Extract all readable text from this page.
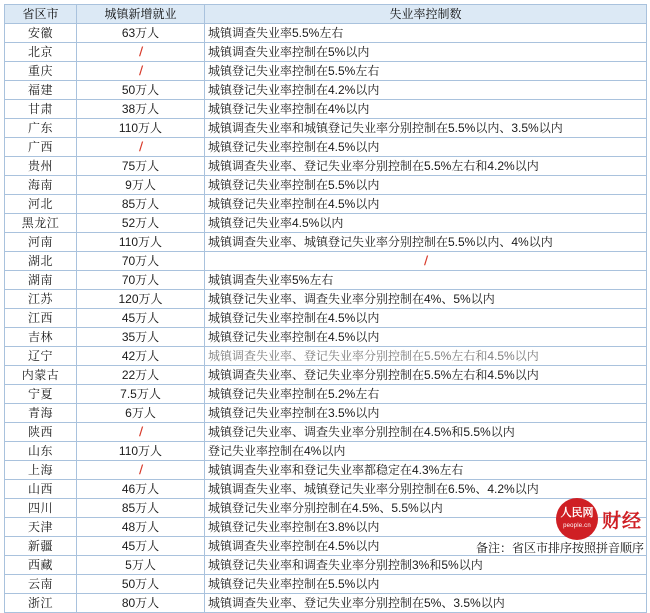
省区市	城镇新增就业	失业率控制数
安徽	63万人	城镇调查失业率5.5%左右
北京	/	城镇调查失业率控制在5%以内
重庆	/	城镇登记失业率控制在5.5%左右
福建	50万人	城镇登记失业率控制在4.2%以内
甘肃	38万人	城镇登记失业率控制在4%以内
广东	110万人	城镇调查失业率和城镇登记失业率分别控制在5.5%以内、3.5%以内
广西	/	城镇登记失业率控制在4.5%以内
贵州	75万人	城镇调查失业率、登记失业率分别控制在5.5%左右和4.2%以内
海南	9万人	城镇登记失业率控制在5.5%以内
河北	85万人	城镇登记失业率控制在4.5%以内
黑龙江	52万人	城镇登记失业率4.5%以内
河南	110万人	城镇调查失业率、城镇登记失业率分别控制在5.5%以内、4%以内
湖北	70万人	/
湖南	70万人	城镇调查失业率5%左右
江苏	120万人	城镇登记失业率、调查失业率分别控制在4%、5%以内
江西	45万人	城镇登记失业率控制在4.5%以内
吉林	35万人	城镇登记失业率控制在4.5%以内
辽宁	42万人	城镇调查失业率、登记失业率分别控制在5.5%左右和4.5%以内
内蒙古	22万人	城镇调查失业率、登记失业率分别控制在5.5%左右和4.5%以内
宁夏	7.5万人	城镇登记失业率控制在5.2%左右
青海	6万人	城镇登记失业率控制在3.5%以内
陕西	/	城镇登记失业率、调查失业率分别控制在4.5%和5.5%以内
山东	110万人	登记失业率控制在4%以内
上海	/	城镇调查失业率和登记失业率都稳定在4.3%左右
山西	46万人	城镇调查失业率、城镇登记失业率分别控制在6.5%、4.2%以内
四川	85万人	城镇登记失业率分别控制在4.5%、5.5%以内
天津	48万人	城镇登记失业率控制在3.8%以内
新疆	45万人	城镇调查失业率控制在4.5%以内
西藏	5万人	城镇登记失业率和调查失业率分别控制3%和5%以内
云南	50万人	城镇登记失业率控制在5.5%以内
浙江	80万人	城镇调查失业率、登记失业率分别控制在5%、3.5%以内
人民网
people.cn 财经
备注：省区市排序按照拼音顺序
